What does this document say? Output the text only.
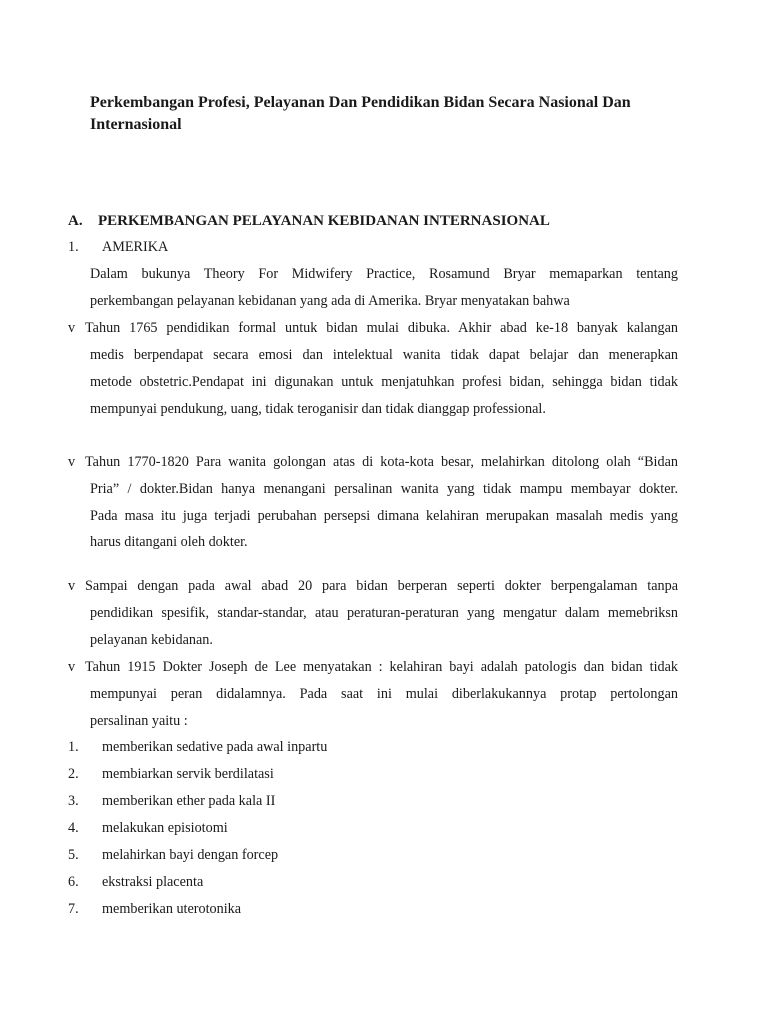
Perkembangan Profesi, Pelayanan Dan Pendidikan Bidan Secara Nasional Dan
Internasional
A. PERKEMBANGAN PELAYANAN KEBIDANAN INTERNASIONAL
1. AMERIKA
Dalam bukunya Theory For Midwifery Practice, Rosamund Bryar memaparkan tentang
perkembangan pelayanan kebidanan yang ada di Amerika. Bryar menyatakan bahwa
v Tahun 1765 pendidikan formal untuk bidan mulai dibuka. Akhir abad ke-18 banyak kalangan
medis berpendapat secara emosi dan intelektual wanita tidak dapat belajar dan menerapkan
metode obstetric.Pendapat ini digunakan untuk menjatuhkan profesi bidan, sehingga bidan tidak
mempunyai pendukung, uang, tidak teroganisir dan tidak dianggap professional.
v Tahun 1770-1820 Para wanita golongan atas di kota-kota besar, melahirkan ditolong olah “Bidan
Pria” / dokter.Bidan hanya menangani persalinan wanita yang tidak mampu membayar dokter.
Pada masa itu juga terjadi perubahan persepsi dimana kelahiran merupakan masalah medis yang
harus ditangani oleh dokter.
v Sampai dengan pada awal abad 20 para bidan berperan seperti dokter berpengalaman tanpa
pendidikan spesifik, standar-standar, atau peraturan-peraturan yang mengatur dalam memebriksn
pelayanan kebidanan.
v Tahun 1915 Dokter Joseph de Lee menyatakan : kelahiran bayi adalah patologis dan bidan tidak
mempunyai peran didalamnya. Pada saat ini mulai diberlakukannya protap pertolongan
persalinan yaitu :
1. memberikan sedative pada awal inpartu
2. membiarkan servik berdilatasi
3. memberikan ether pada kala II
4. melakukan episiotomi
5. melahirkan bayi dengan forcep
6. ekstraksi placenta
7. memberikan uterotonika
